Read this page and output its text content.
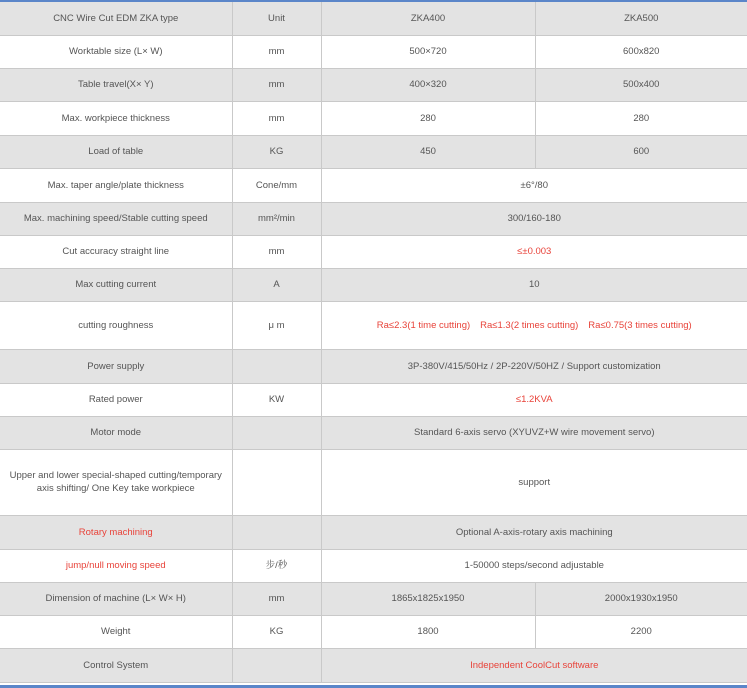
CNC Wire Cut EDM ZKA type	Unit	ZKA400	ZKA500
Worktable size (L× W)	mm	500×720	600x820
Table travel(X× Y)	mm	400×320	500x400
Max. workpiece thickness	mm	280	280
Load of table	KG	450	600
Max. taper angle/plate thickness	Cone/mm	±6°/80	
Max. machining speed/Stable cutting speed	mm²/min	300/160-180	
Cut accuracy straight line	mm	≤±0.003	
Max cutting current	A	10	
cutting roughness	μ m	Ra≤2.3(1 time cutting) Ra≤1.3(2 times cutting) Ra≤0.75(3 times cutting)	
Power supply		3P-380V/415/50Hz / 2P-220V/50HZ / Support customization	
Rated power	KW	≤1.2KVA	
Motor mode		Standard 6-axis servo (XYUVZ+W wire movement servo)	
Upper and lower special-shaped cutting/temporary axis shifting/ One Key take workpiece		support	
Rotary machining		Optional A-axis-rotary axis machining	
jump/null moving speed	步/秒	1-50000 steps/second adjustable	
Dimension of machine (L× W× H)	mm	1865x1825x1950	2000x1930x1950
Weight	KG	1800	2200
Control System		Independent CoolCut software	
